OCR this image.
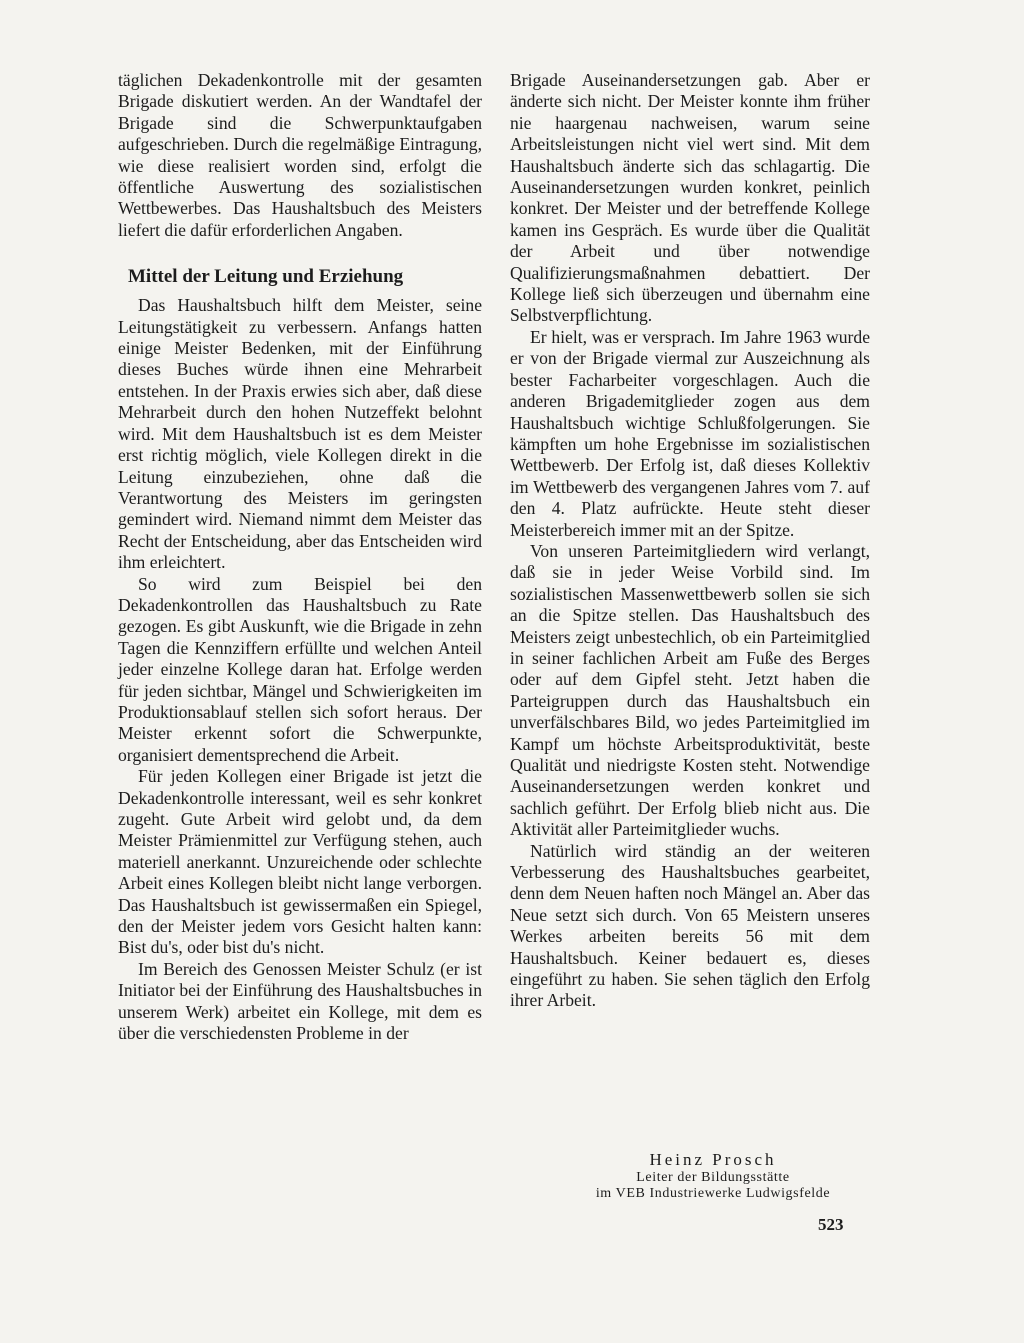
täglichen Dekadenkontrolle mit der gesamten Brigade diskutiert werden. An der Wandtafel der Brigade sind die Schwerpunktaufgaben aufgeschrieben. Durch die regelmäßige Eintragung, wie diese realisiert worden sind, erfolgt die öffentliche Auswertung des sozialistischen Wettbewerbes. Das Haushaltsbuch des Meisters liefert die dafür erforderlichen Angaben.

Mittel der Leitung und Erziehung

Das Haushaltsbuch hilft dem Meister, seine Leitungstätigkeit zu verbessern. Anfangs hatten einige Meister Bedenken, mit der Einführung dieses Buches würde ihnen eine Mehrarbeit entstehen. In der Praxis erwies sich aber, daß diese Mehrarbeit durch den hohen Nutzeffekt belohnt wird. Mit dem Haushaltsbuch ist es dem Meister erst richtig möglich, viele Kollegen direkt in die Leitung einzubeziehen, ohne daß die Verantwortung des Meisters im geringsten gemindert wird. Niemand nimmt dem Meister das Recht der Entscheidung, aber das Entscheiden wird ihm erleichtert.

So wird zum Beispiel bei den Dekadenkontrollen das Haushaltsbuch zu Rate gezogen. Es gibt Auskunft, wie die Brigade in zehn Tagen die Kennziffern erfüllte und welchen Anteil jeder einzelne Kollege daran hat. Erfolge werden für jeden sichtbar, Mängel und Schwierigkeiten im Produktionsablauf stellen sich sofort heraus. Der Meister erkennt sofort die Schwerpunkte, organisiert dementsprechend die Arbeit.

Für jeden Kollegen einer Brigade ist jetzt die Dekadenkontrolle interessant, weil es sehr konkret zugeht. Gute Arbeit wird gelobt und, da dem Meister Prämienmittel zur Verfügung stehen, auch materiell anerkannt. Unzureichende oder schlechte Arbeit eines Kollegen bleibt nicht lange verborgen. Das Haushaltsbuch ist gewissermaßen ein Spiegel, den der Meister jedem vors Gesicht halten kann: Bist du's, oder bist du's nicht.

Im Bereich des Genossen Meister Schulz (er ist Initiator bei der Einführung des Haushaltsbuches in unserem Werk) arbeitet ein Kollege, mit dem es über die verschiedensten Probleme in der

Brigade Auseinandersetzungen gab. Aber er änderte sich nicht. Der Meister konnte ihm früher nie haargenau nachweisen, warum seine Arbeitsleistungen nicht viel wert sind. Mit dem Haushaltsbuch änderte sich das schlagartig. Die Auseinandersetzungen wurden konkret, peinlich konkret. Der Meister und der betreffende Kollege kamen ins Gespräch. Es wurde über die Qualität der Arbeit und über notwendige Qualifizierungsmaßnahmen debattiert. Der Kollege ließ sich überzeugen und übernahm eine Selbstverpflichtung.

Er hielt, was er versprach. Im Jahre 1963 wurde er von der Brigade viermal zur Auszeichnung als bester Facharbeiter vorgeschlagen. Auch die anderen Brigademitglieder zogen aus dem Haushaltsbuch wichtige Schlußfolgerungen. Sie kämpften um hohe Ergebnisse im sozialistischen Wettbewerb. Der Erfolg ist, daß dieses Kollektiv im Wettbewerb des vergangenen Jahres vom 7. auf den 4. Platz aufrückte. Heute steht dieser Meisterbereich immer mit an der Spitze.

Von unseren Parteimitgliedern wird verlangt, daß sie in jeder Weise Vorbild sind. Im sozialistischen Massenwettbewerb sollen sie sich an die Spitze stellen. Das Haushaltsbuch des Meisters zeigt unbestechlich, ob ein Parteimitglied in seiner fachlichen Arbeit am Fuße des Berges oder auf dem Gipfel steht. Jetzt haben die Parteigruppen durch das Haushaltsbuch ein unverfälschbares Bild, wo jedes Parteimitglied im Kampf um höchste Arbeitsproduktivität, beste Qualität und niedrigste Kosten steht. Notwendige Auseinandersetzungen werden konkret und sachlich geführt. Der Erfolg blieb nicht aus. Die Aktivität aller Parteimitglieder wuchs.

Natürlich wird ständig an der weiteren Verbesserung des Haushaltsbuches gearbeitet, denn dem Neuen haften noch Mängel an. Aber das Neue setzt sich durch. Von 65 Meistern unseres Werkes arbeiten bereits 56 mit dem Haushaltsbuch. Keiner bedauert es, dieses eingeführt zu haben. Sie sehen täglich den Erfolg ihrer Arbeit.

Heinz Prosch
Leiter der Bildungsstätte
im VEB Industriewerke Ludwigsfelde
523
